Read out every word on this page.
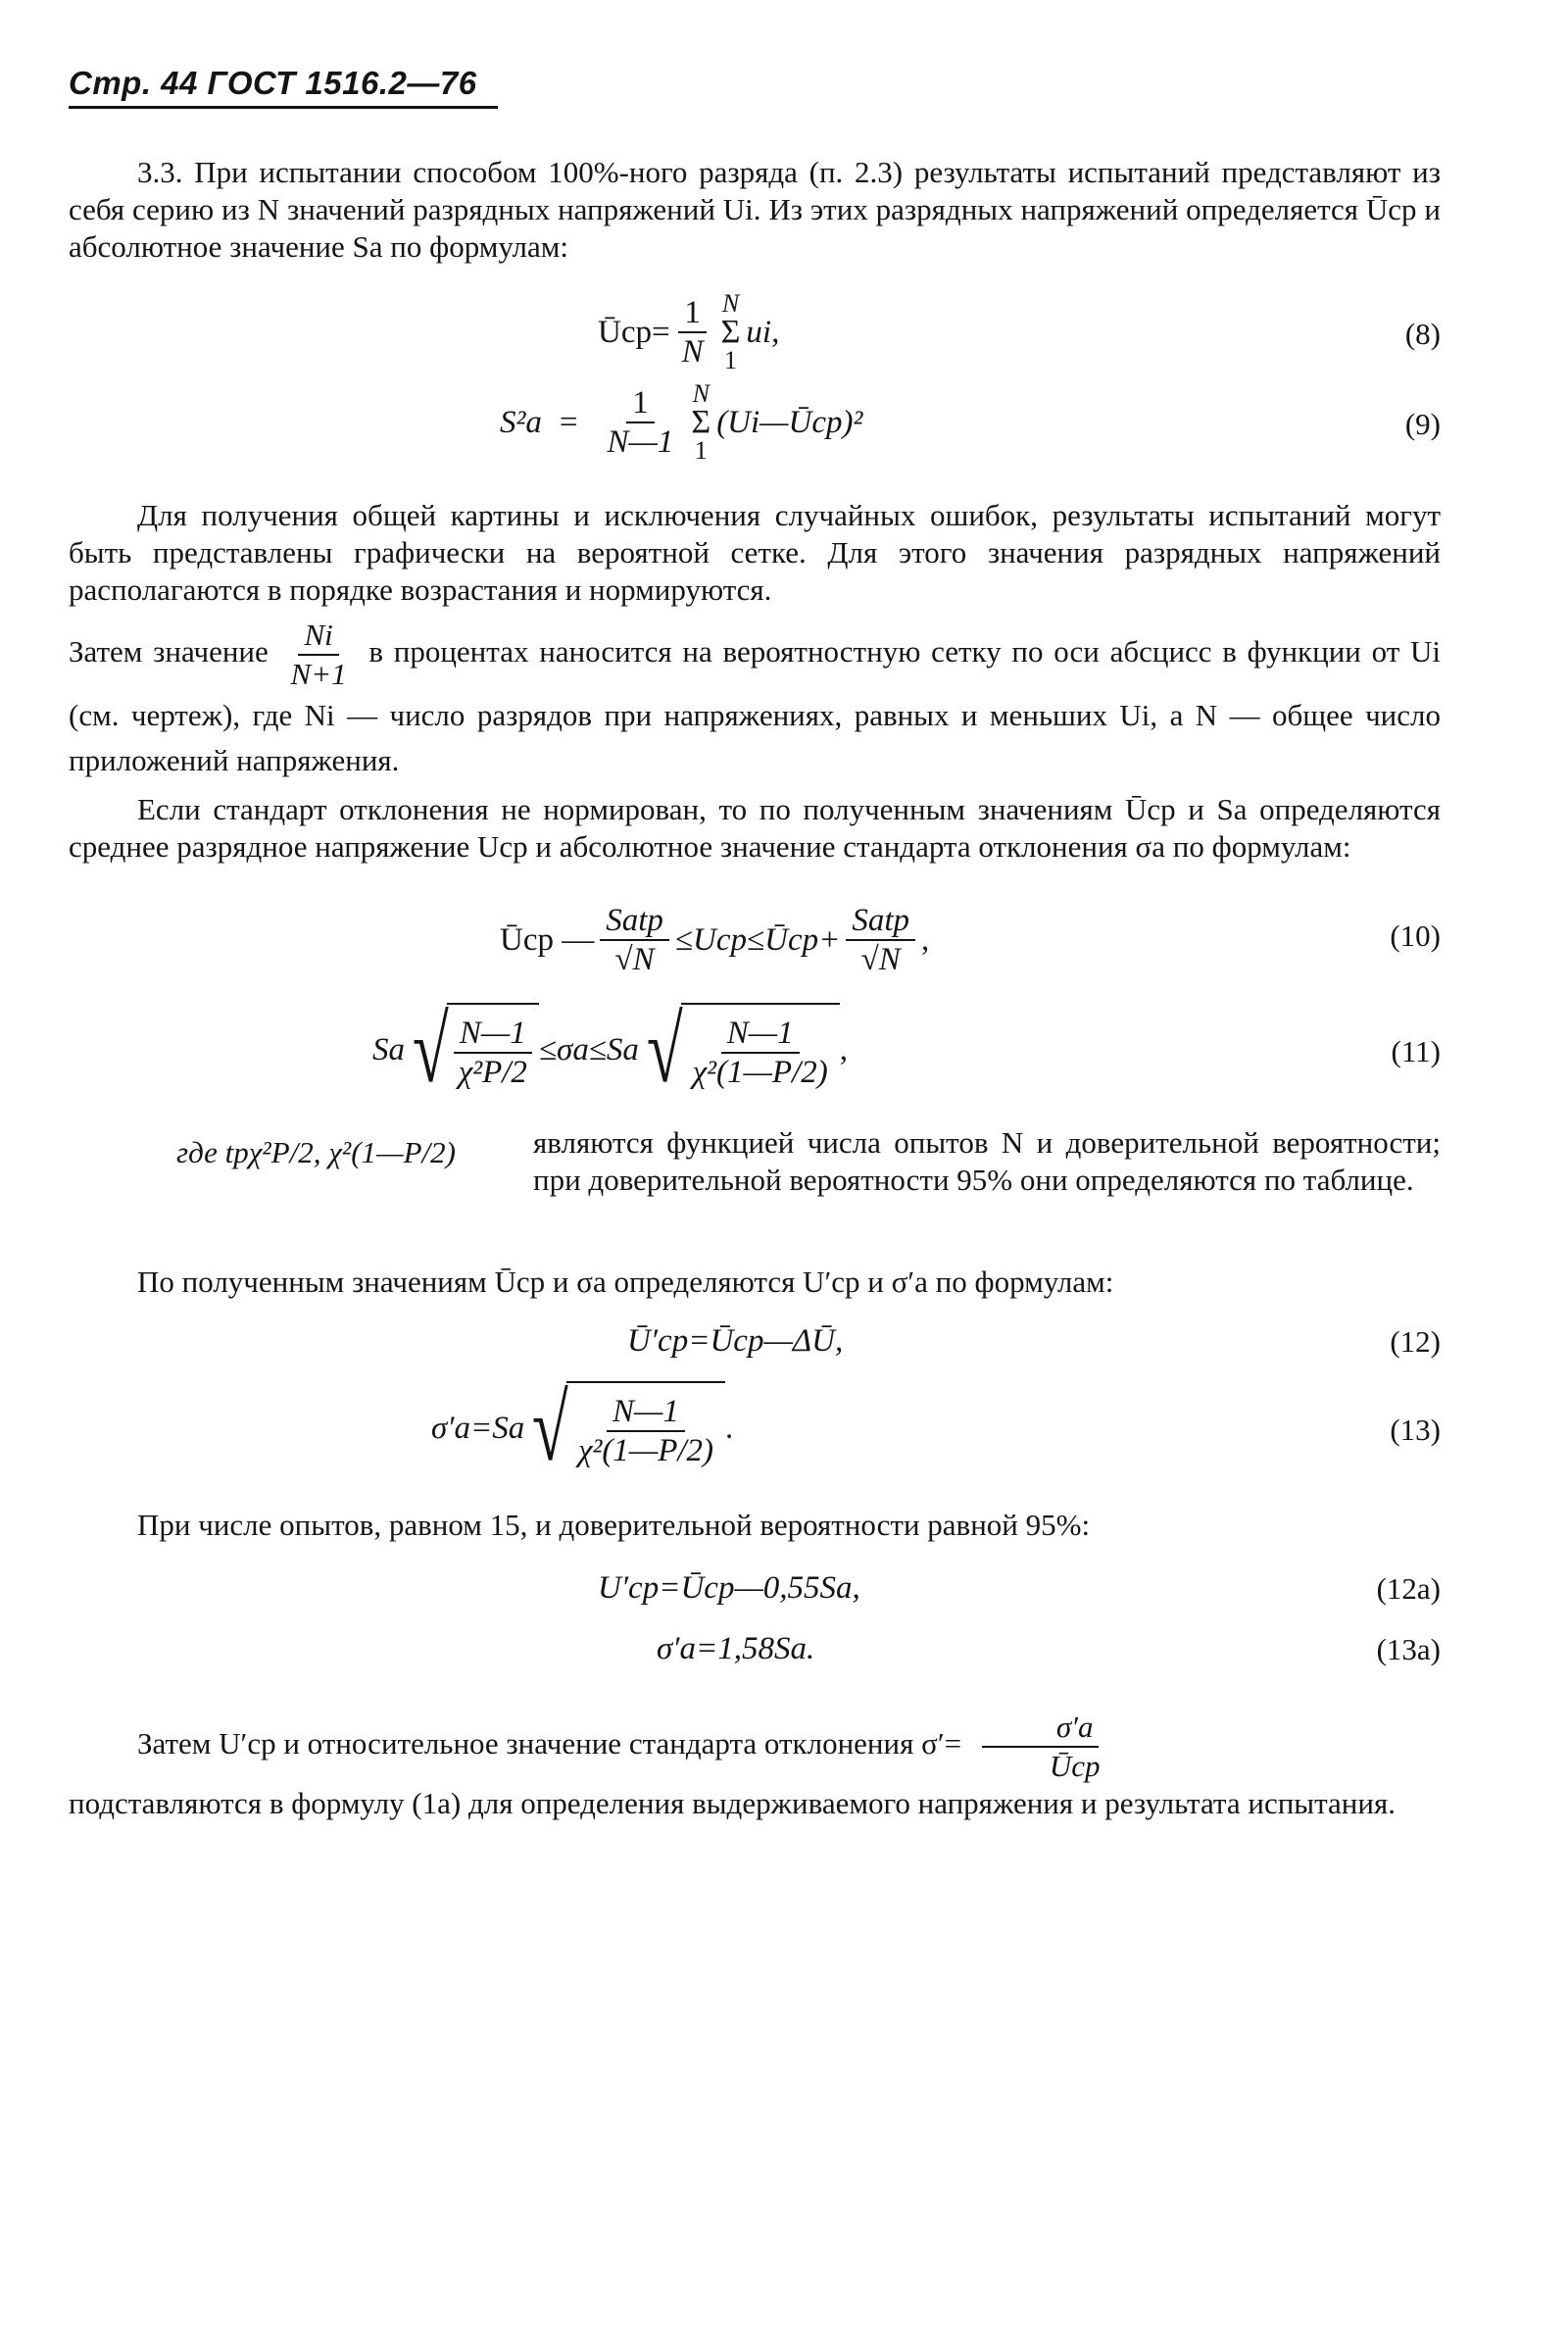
Стр. 44 ГОСТ 1516.2—76

3.3. При испытании способом 100%-ного разряда (п. 2.3) результаты испытаний представляют из себя серию из N значений разрядных напряжений Ui. Из этих разрядных напряжений определяется Ūср и абсолютное значение Sa по формулам:

Ūср = $\frac{1}{N}$ N
Σ
1
ui,	(8)
$S^2a = \frac{1}{N—1}$ N
Σ
1
(Ui—Ūср)²	(9)

Для получения общей картины и исключения случайных ошибок, результаты испытаний могут быть представлены графически на вероятной сетке. Для этого значения разрядных напряжений располагаются в порядке возрастания и нормируются.

Затем значение $\frac{Ni}{N+1}$ в процентах наносится на вероятностную сетку по оси абсцисс в функции от Ui (см. чертеж), где Ni — число разрядов при напряжениях, равных и меньших Ui, а N — общее число приложений напряжения.

Если стандарт отклонения не нормирован, то по полученным значениям Ūср и Sa определяются среднее разрядное напряжение Uср и абсолютное значение стандарта отклонения σa по формулам:

Ūср — $\frac{\text{Satp}}{√N}$ ≤Uср≤Ūср+ $\frac{\text{Satp}}{√N}$ ,	(10)
Sa √ $\frac{N—1}{\text{χ²P/2}} \le\sigma a\le Sa$ √ $\frac{N—1}{\text{χ²(1—P/2)}}$ ,	(11)
где tpχ²P/2, χ²(1—P/2)	являются функцией числа опытов N и доверительной вероятности; при доверительной вероятности 95% они определяются по таблице.

По полученным значениям Ūср и σa определяются U′ср и σ′a по формулам:

Ū′ср=Ūср—ΔŪ,	(12)
σ′a=Sa √ $\frac{N—1}{\text{χ²(1—P/2)}}$ .	(13)

При числе опытов, равном 15, и доверительной вероятности равной 95%:

U′ср=Ūср—0,55Sa,	(12a)
σ′a=1,58Sa.	(13a)

Затем U′ср и относительное значение стандарта отклонения $\sigma'= \frac{\sigma'a}{\text{Ūср}}$

подставляются в формулу (1a) для определения выдерживаемого напряжения и результата испытания.
